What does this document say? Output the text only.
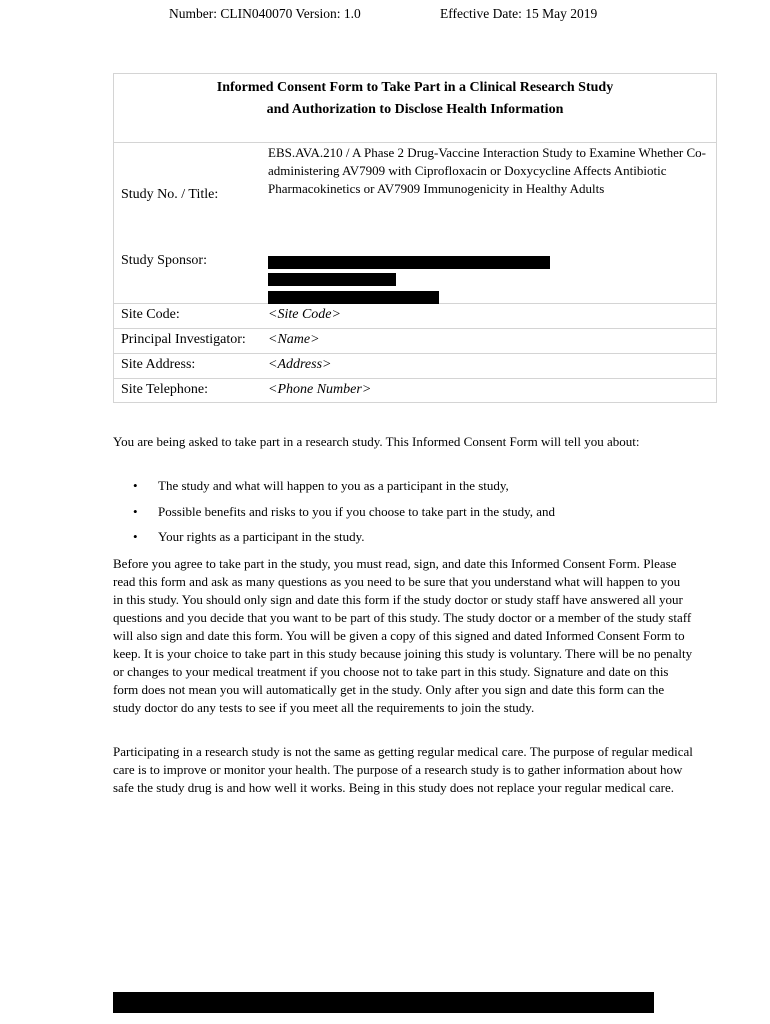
Number: CLIN040070 Version: 1.0	Effective Date: 15 May 2019
Informed Consent Form to Take Part in a Clinical Research Study
and Authorization to Disclose Health Information
Study No. / Title:
EBS.AVA.210 / A Phase 2 Drug-Vaccine Interaction Study to Examine Whether Co-administering AV7909 with Ciprofloxacin or Doxycycline Affects Antibiotic Pharmacokinetics or AV7909 Immunogenicity in Healthy Adults
Study Sponsor:
Site Code:	<Site Code>
Principal Investigator: <Name>
Site Address:	<Address>
Site Telephone:	<Phone Number>
You are being asked to take part in a research study. This Informed Consent Form will tell you about:
• The study and what will happen to you as a participant in the study,
• Possible benefits and risks to you if you choose to take part in the study, and
• Your rights as a participant in the study.
Before you agree to take part in the study, you must read, sign, and date this Informed Consent Form. Please read this form and ask as many questions as you need to be sure that you understand what will happen to you in this study. You should only sign and date this form if the study doctor or study staff have answered all your questions and you decide that you want to be part of this study. The study doctor or a member of the study staff will also sign and date this form. You will be given a copy of this signed and dated Informed Consent Form to keep. It is your choice to take part in this study because joining this study is voluntary. There will be no penalty or changes to your medical treatment if you choose not to take part in this study. Signature and date on this form does not mean you will automatically get in the study. Only after you sign and date this form can the study doctor do any tests to see if you meet all the requirements to join the study.
Participating in a research study is not the same as getting regular medical care. The purpose of regular medical care is to improve or monitor your health. The purpose of a research study is to gather information about how safe the study drug is and how well it works. Being in this study does not replace your regular medical care.
